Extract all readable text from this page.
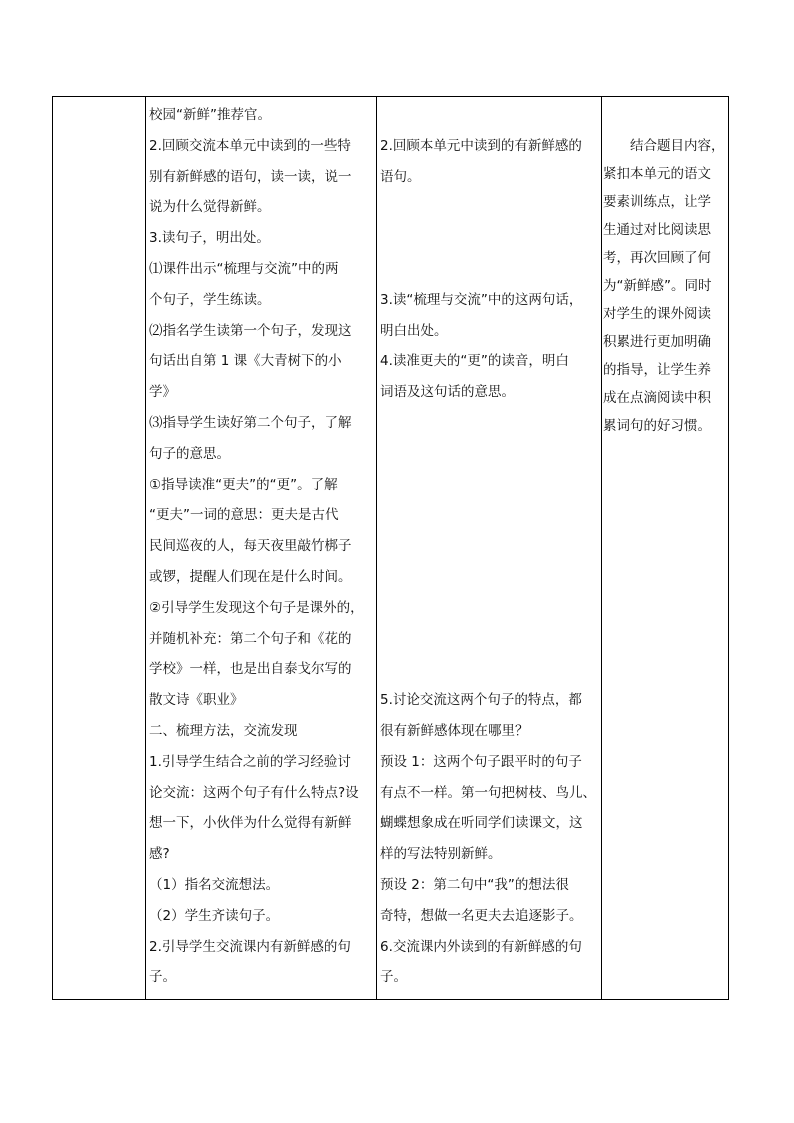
校园“新鲜”推荐官。
2.回顾交流本单元中读到的一些特
别有新鲜感的语句，读一读，说一
说为什么觉得新鲜。
3.读句子，明出处。
⑴课件出示“梳理与交流”中的两
个句子，学生练读。
⑵指名学生读第一个句子，发现这
句话出自第 1 课《大青树下的小
学》
⑶指导学生读好第二个句子，了解
句子的意思。
①指导读准“更夫”的“更”。了解
“更夫”一词的意思：更夫是古代
民间巡夜的人，每天夜里敲竹梆子
或锣，提醒人们现在是什么时间。
②引导学生发现这个句子是课外的，
并随机补充：第二个句子和《花的
学校》一样，也是出自泰戈尔写的
散文诗《职业》
二、梳理方法，交流发现
1.引导学生结合之前的学习经验讨
论交流：这两个句子有什么特点?设
想一下，小伙伴为什么觉得有新鲜
感?
（1）指名交流想法。
（2）学生齐读句子。
2.引导学生交流课内有新鲜感的句
子。
2.回顾本单元中读到的有新鲜感的
语句。
3.读“梳理与交流”中的这两句话，
明白出处。
4.读准更夫的“更”的读音，明白
词语及这句话的意思。
5.讨论交流这两个句子的特点，都
很有新鲜感体现在哪里？
预设 1：这两个句子跟平时的句子
有点不一样。第一句把树枝、鸟儿、
蝴蝶想象成在听同学们读课文，这
样的写法特别新鲜。
预设 2：第二句中“我”的想法很
奇特，想做一名更夫去追逐影子。
6.交流课内外读到的有新鲜感的句
子。
　　结合题目内容，
紧扣本单元的语文
要素训练点，让学
生通过对比阅读思
考，再次回顾了何
为“新鲜感”。同时
对学生的课外阅读
积累进行更加明确
的指导，让学生养
成在点滴阅读中积
累词句的好习惯。
